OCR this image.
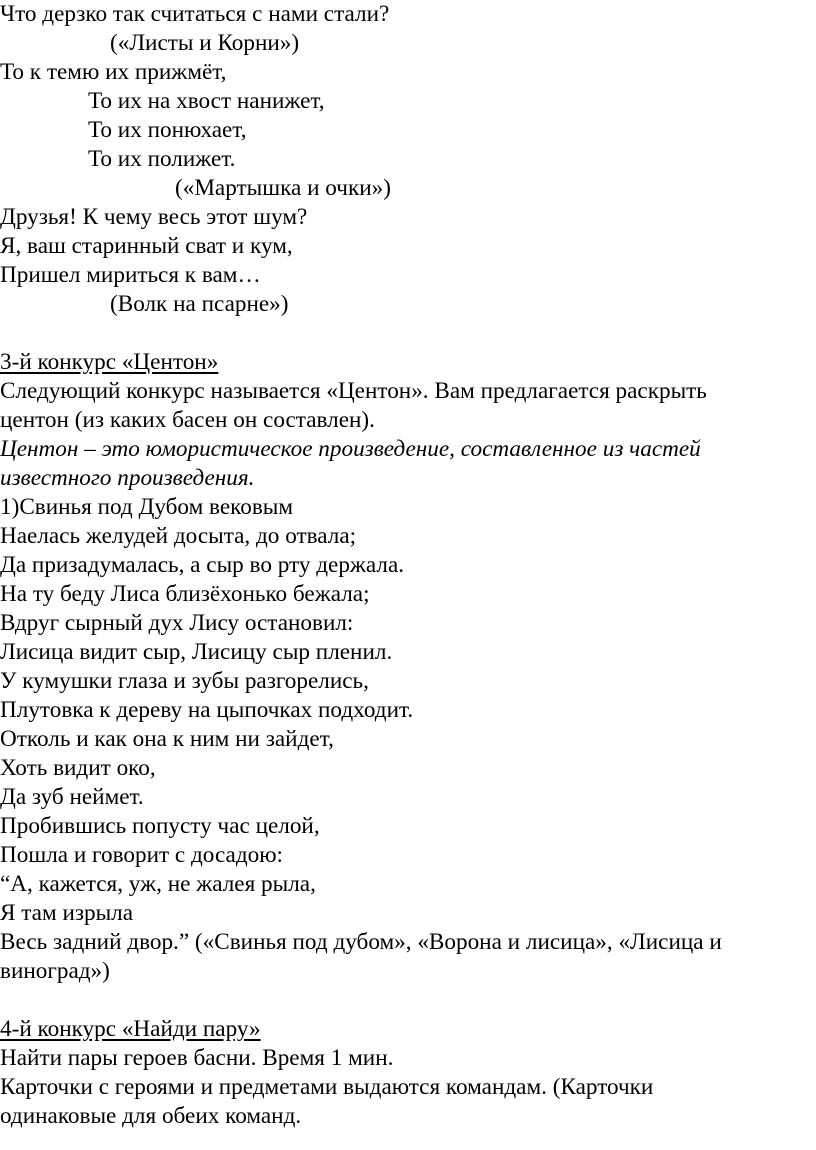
Что дерзко так считаться с нами стали?
(«Листы и Корни»)
То к темю их прижмёт,
То их на хвост нанижет,
То их понюхает,
То их полижет.
(«Мартышка и очки»)
Друзья! К чему весь этот шум?
Я, ваш старинный сват и кум,
Пришел мириться к вам…
(Волк на псарне»)
3-й конкурс «Центон»
Следующий конкурс называется «Центон». Вам предлагается раскрыть
центон (из каких басен он составлен).
Центон – это юмористическое произведение, составленное из частей
известного произведения.
1)Свинья под Дубом вековым
Наелась желудей досыта, до отвала;
Да призадумалась, а сыр во рту держала.
На ту беду Лиса близёхонько бежала;
Вдруг сырный дух Лису остановил:
Лисица видит сыр, Лисицу сыр пленил.
У кумушки глаза и зубы разгорелись,
Плутовка к дереву на цыпочках подходит.
Отколь и как она к ним ни зайдет,
Хоть видит око,
Да зуб неймет.
Пробившись попусту час целой,
Пошла и говорит с досадою:
“А, кажется, уж, не жалея рыла,
Я там изрыла
Весь задний двор.” («Свинья под дубом», «Ворона и лисица», «Лисица и
виноград»)
4-й конкурс «Найди пару»
Найти пары героев басни. Время 1 мин.
Карточки с героями и предметами выдаются командам. (Карточки
одинаковые для обеих команд.
